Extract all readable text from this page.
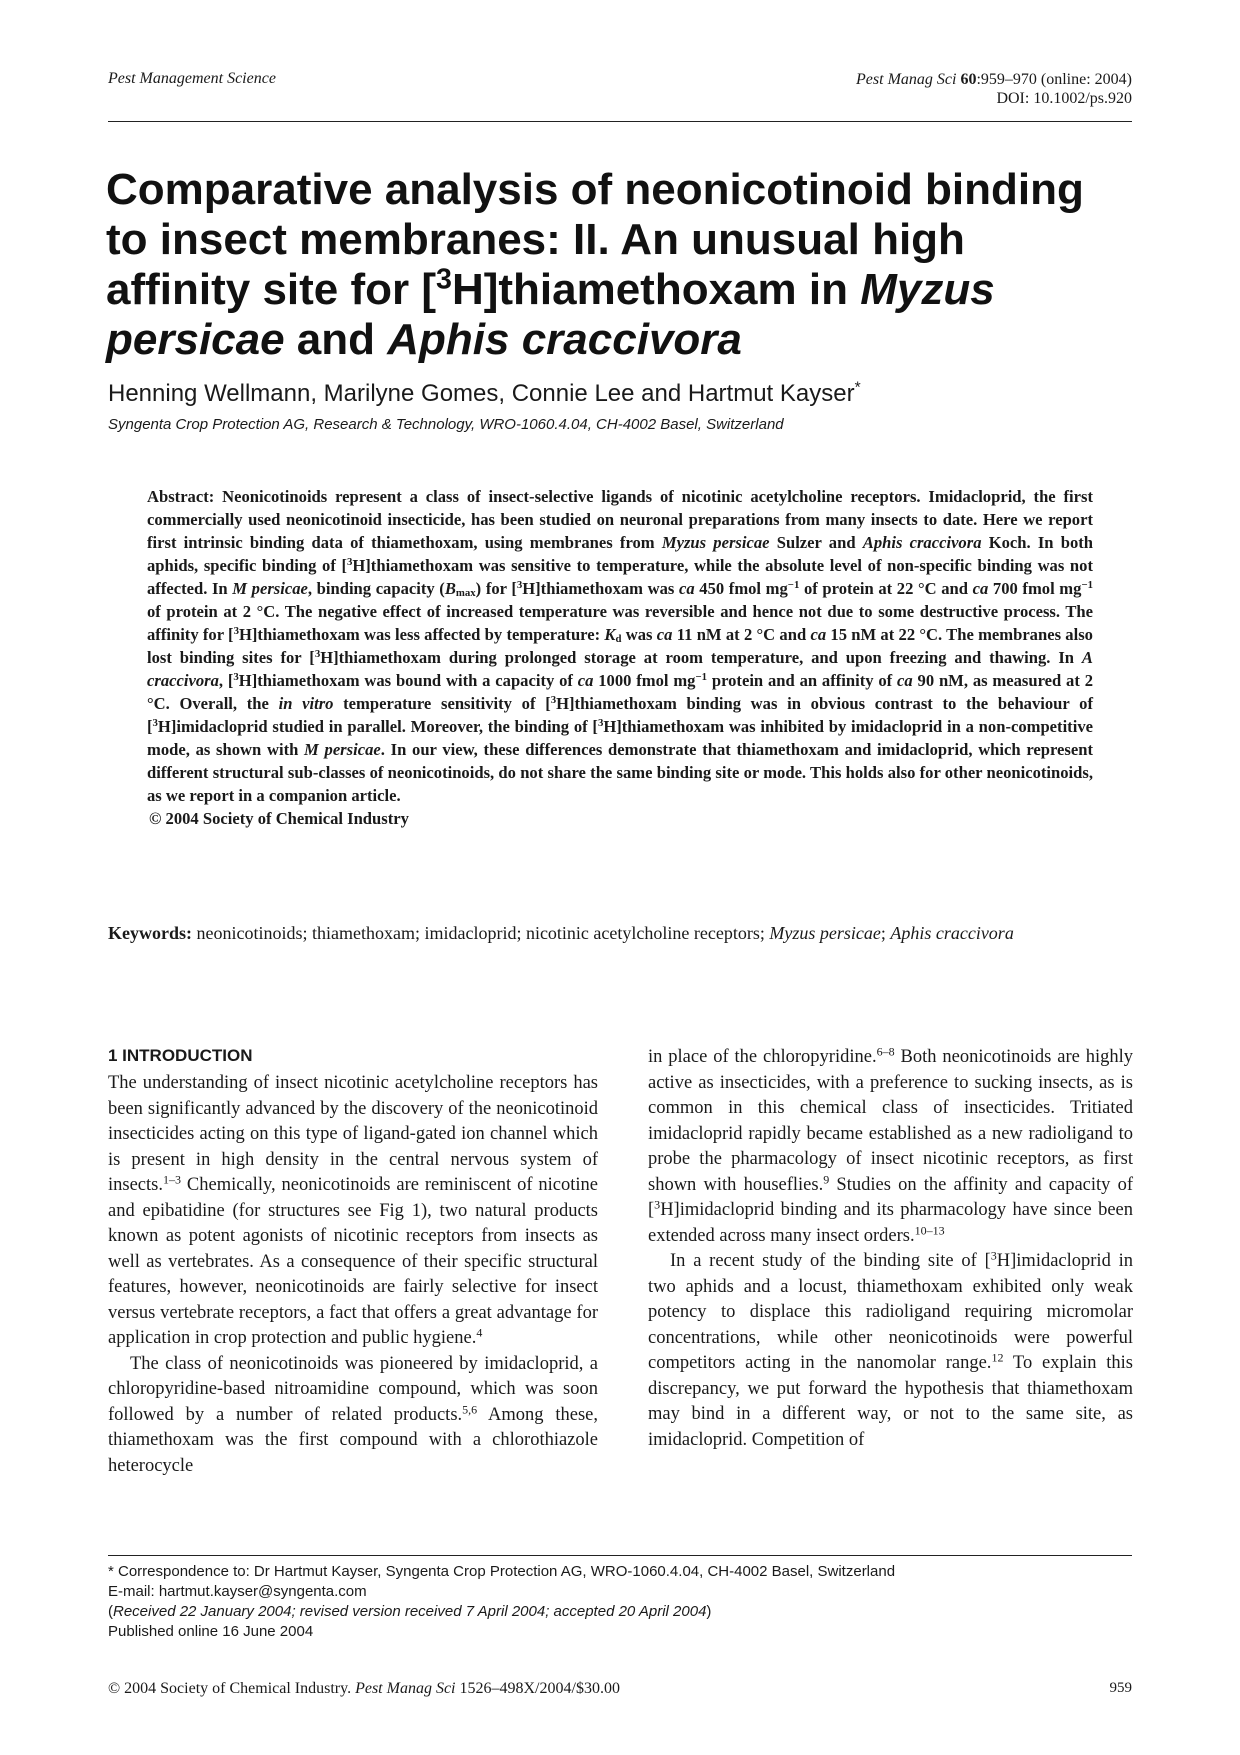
Pest Management Science	Pest Manag Sci 60:959–970 (online: 2004)
DOI: 10.1002/ps.920
Comparative analysis of neonicotinoid binding
to insect membranes: II. An unusual high
affinity site for [$^3$H]thiamethoxam in Myzus
persicae and Aphis craccivora
Henning Wellmann, Marilyne Gomes, Connie Lee and Hartmut Kayser*
Syngenta Crop Protection AG, Research & Technology, WRO-1060.4.04, CH-4002 Basel, Switzerland

Abstract: Neonicotinoids represent a class of insect-selective ligands of nicotinic acetylcholine receptors. Imidacloprid, the first commercially used neonicotinoid insecticide, has been studied on neuronal preparations from many insects to date. Here we report first intrinsic binding data of thiamethoxam, using membranes from Myzus persicae Sulzer and Aphis craccivora Koch. In both aphids, specific binding of [$^3$H]thiamethoxam was sensitive to temperature, while the absolute level of non-specific binding was not affected. In M persicae, binding capacity $(B_{max})$ for [$^3$H]thiamethoxam was ca 450 fmol $mg^{-1}$ of protein at 22 °C and ca 700 fmol $mg^{-1}$ of protein at 2 °C. The negative effect of increased temperature was reversible and hence not due to some destructive process. The affinity for [$^3$H]thiamethoxam was less affected by temperature: $K_d$ was ca 11 nM at 2 °C and ca 15 nM at 22 °C. The membranes also lost binding sites for [$^3$H]thiamethoxam during prolonged storage at room temperature, and upon freezing and thawing. In A craccivora, [$^3$H]thiamethoxam was bound with a capacity of ca 1000 fmol $mg^{-1}$ protein and an affinity of ca 90 nM, as measured at 2 °C. Overall, the in vitro temperature sensitivity of [$^3$H]thiamethoxam binding was in obvious contrast to the behaviour of [$^3$H]imidacloprid studied in parallel. Moreover, the binding of [$^3$H]thiamethoxam was inhibited by imidacloprid in a non-competitive mode, as shown with M persicae. In our view, these differences demonstrate that thiamethoxam and imidacloprid, which represent different structural sub-classes of neonicotinoids, do not share the same binding site or mode. This holds also for other neonicotinoids, as we report in a companion article.

© 2004 Society of Chemical Industry

Keywords: neonicotinoids; thiamethoxam; imidacloprid; nicotinic acetylcholine receptors; Myzus persicae; Aphis craccivora
1 INTRODUCTION

The understanding of insect nicotinic acetylcholine receptors has been significantly advanced by the discovery of the neonicotinoid insecticides acting on this type of ligand-gated ion channel which is present in high density in the central nervous system of insects.$^{1-3}$ Chemically, neonicotinoids are reminiscent of nicotine and epibatidine (for structures see Fig 1), two natural products known as potent agonists of nicotinic receptors from insects as well as vertebrates. As a consequence of their specific structural features, however, neonicotinoids are fairly selective for insect versus vertebrate receptors, a fact that offers a great advantage for application in crop protection and public hygiene.$^4$

The class of neonicotinoids was pioneered by imidacloprid, a chloropyridine-based nitroamidine compound, which was soon followed by a number of related products.$^{5,6}$ Among these, thiamethoxam was the first compound with a chlorothiazole heterocycle

in place of the chloropyridine.$^{6-8}$ Both neonicotinoids are highly active as insecticides, with a preference to sucking insects, as is common in this chemical class of insecticides. Tritiated imidacloprid rapidly became established as a new radioligand to probe the pharmacology of insect nicotinic receptors, as first shown with houseflies.$^9$ Studies on the affinity and capacity of [$^3$H]imidacloprid binding and its pharmacology have since been extended across many insect orders.$^{10-13}$

In a recent study of the binding site of [$^3$H]imidacloprid in two aphids and a locust, thiamethoxam exhibited only weak potency to displace this radioligand requiring micromolar concentrations, while other neonicotinoids were powerful competitors acting in the nanomolar range.$^{12}$ To explain this discrepancy, we put forward the hypothesis that thiamethoxam may bind in a different way, or not to the same site, as imidacloprid. Competition of

* Correspondence to: Dr Hartmut Kayser, Syngenta Crop Protection AG, WRO-1060.4.04, CH-4002 Basel, Switzerland
E-mail: hartmut.kayser@syngenta.com
(Received 22 January 2004; revised version received 7 April 2004; accepted 20 April 2004)
Published online 16 June 2004
© 2004 Society of Chemical Industry. Pest Manag Sci 1526–498X/2004/$30.00	959
